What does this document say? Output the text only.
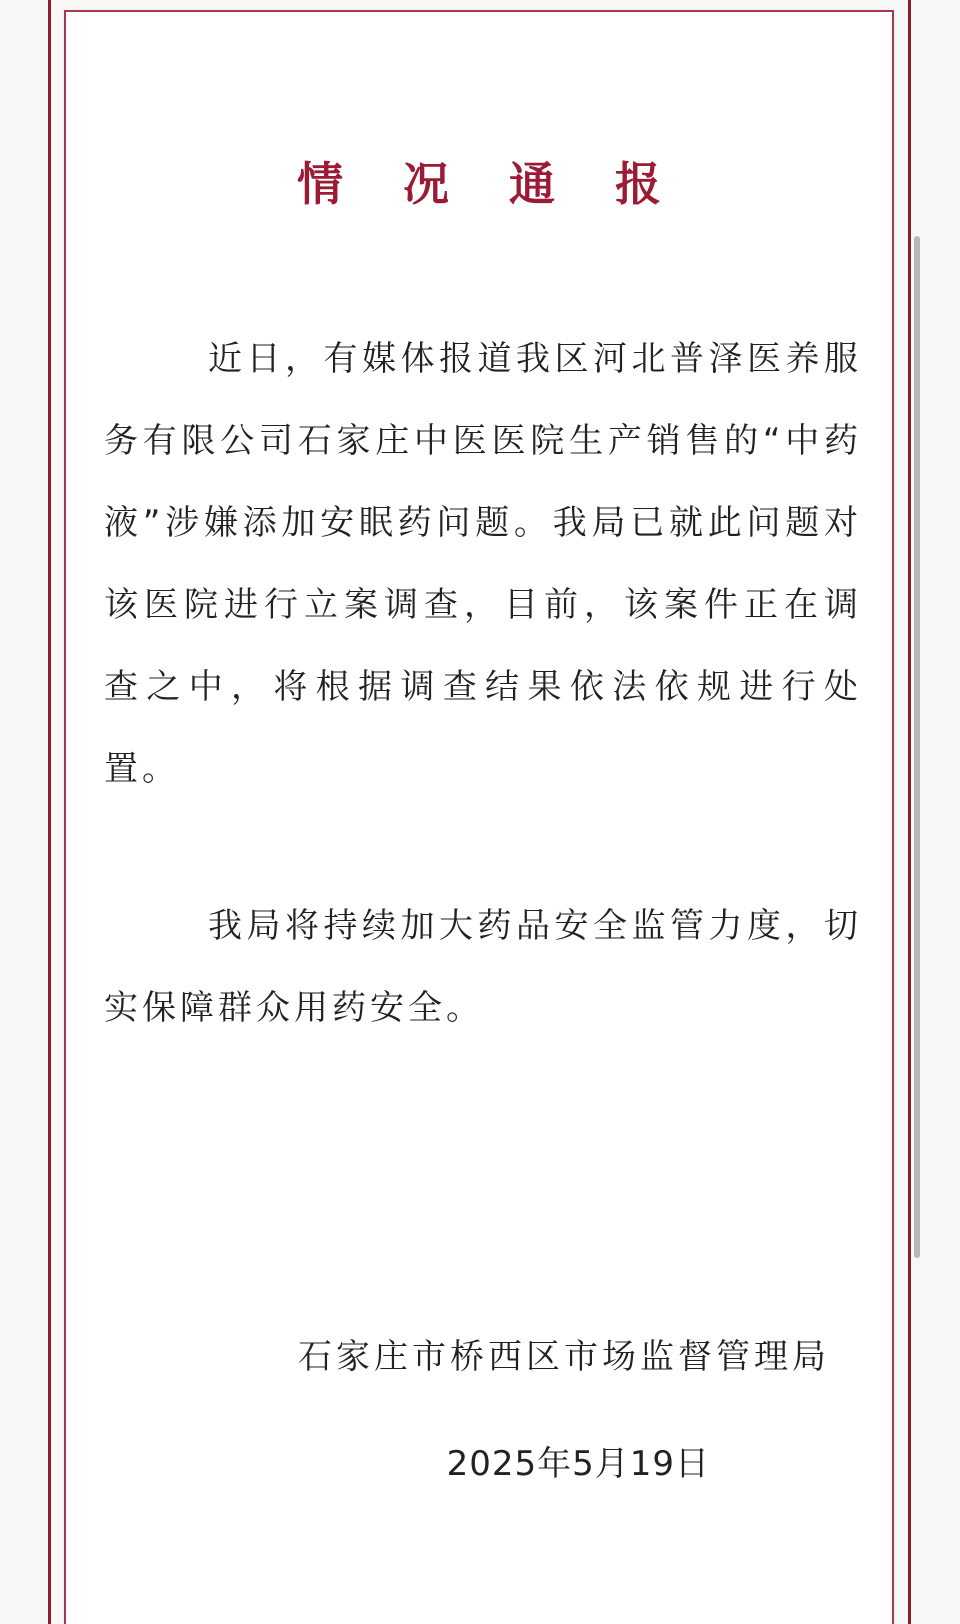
情 况 通 报

近日，有媒体报道我区河北普泽医养服务有限公司石家庄中医医院生产销售的“中药液”涉嫌添加安眠药问题。我局已就此问题对该医院进行立案调查，目前，该案件正在调查之中，将根据调查结果依法依规进行处置。

我局将持续加大药品安全监管力度，切实保障群众用药安全。

石家庄市桥西区市场监督管理局
2025年5月19日
